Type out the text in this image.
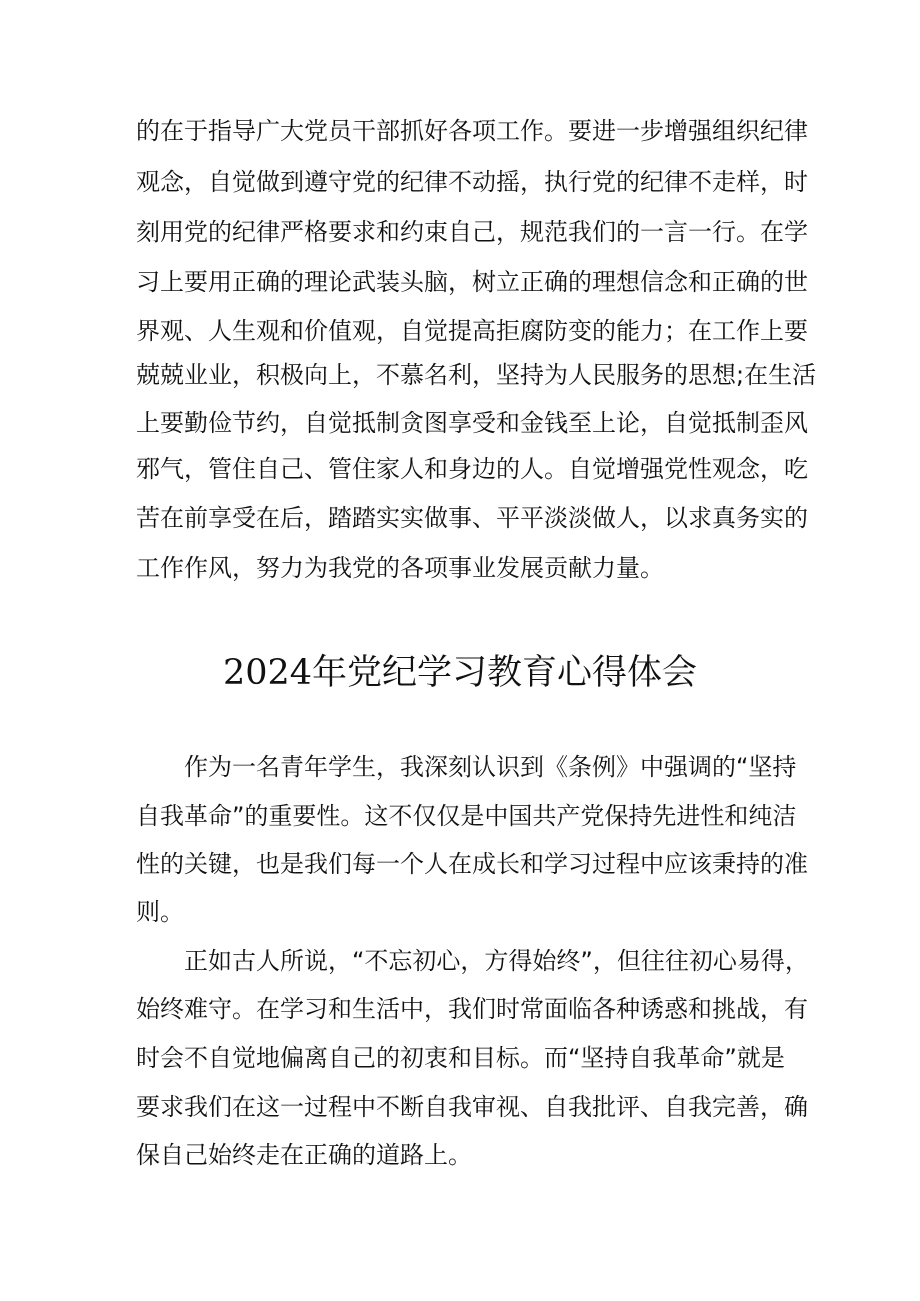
的在于指导广大党员干部抓好各项工作。要进一步增强组织纪律
观念，自觉做到遵守党的纪律不动摇，执行党的纪律不走样，时
刻用党的纪律严格要求和约束自己，规范我们的一言一行。在学
习上要用正确的理论武装头脑，树立正确的理想信念和正确的世
界观、人生观和价值观，自觉提高拒腐防变的能力；在工作上要
兢兢业业，积极向上，不慕名利，坚持为人民服务的思想;在生活
上要勤俭节约，自觉抵制贪图享受和金钱至上论，自觉抵制歪风
邪气，管住自己、管住家人和身边的人。自觉增强党性观念，吃
苦在前享受在后，踏踏实实做事、平平淡淡做人，以求真务实的
工作作风，努力为我党的各项事业发展贡献力量。
2024年党纪学习教育心得体会
作为一名青年学生，我深刻认识到《条例》中强调的“坚持
自我革命”的重要性。这不仅仅是中国共产党保持先进性和纯洁
性的关键，也是我们每一个人在成长和学习过程中应该秉持的准
则。
正如古人所说，“不忘初心，方得始终”，但往往初心易得，
始终难守。在学习和生活中，我们时常面临各种诱惑和挑战，有
时会不自觉地偏离自己的初衷和目标。而“坚持自我革命”就是
要求我们在这一过程中不断自我审视、自我批评、自我完善，确
保自己始终走在正确的道路上。
